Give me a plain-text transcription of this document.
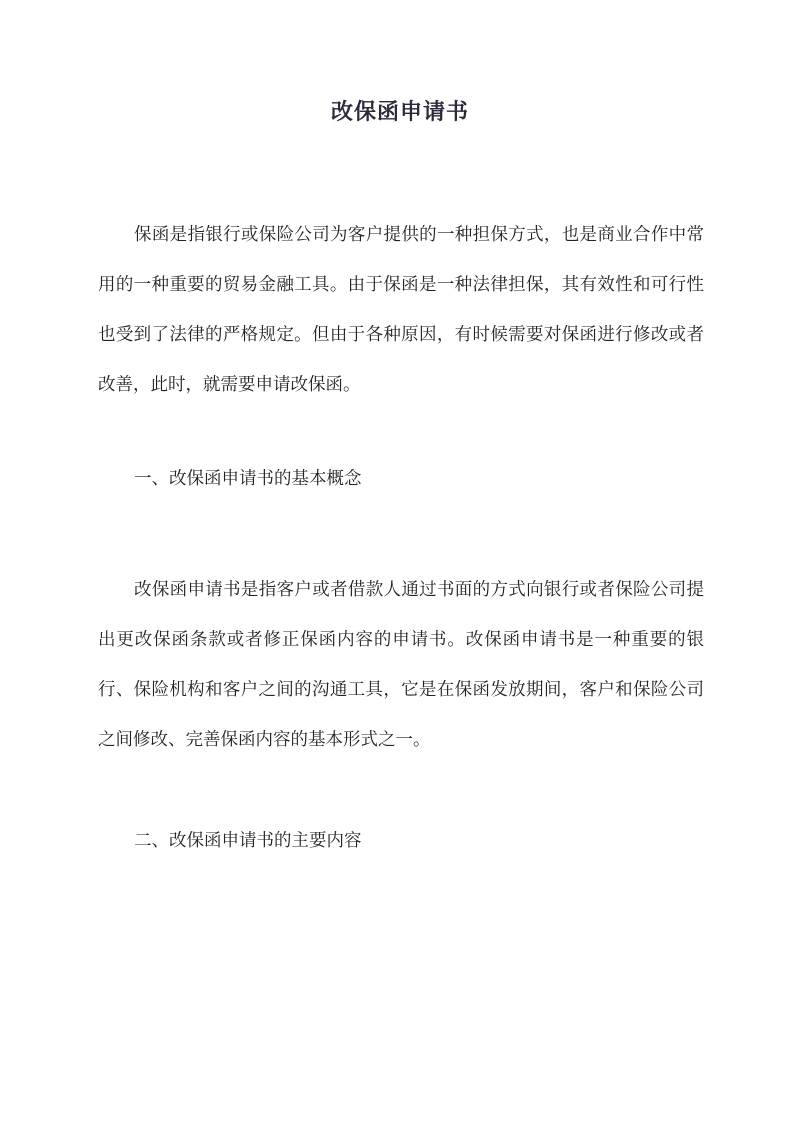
改保函申请书

保函是指银行或保险公司为客户提供的一种担保方式，也是商业合作中常用的一种重要的贸易金融工具。由于保函是一种法律担保，其有效性和可行性也受到了法律的严格规定。但由于各种原因，有时候需要对保函进行修改或者改善，此时，就需要申请改保函。

一、改保函申请书的基本概念

改保函申请书是指客户或者借款人通过书面的方式向银行或者保险公司提出更改保函条款或者修正保函内容的申请书。改保函申请书是一种重要的银行、保险机构和客户之间的沟通工具，它是在保函发放期间，客户和保险公司之间修改、完善保函内容的基本形式之一。

二、改保函申请书的主要内容
